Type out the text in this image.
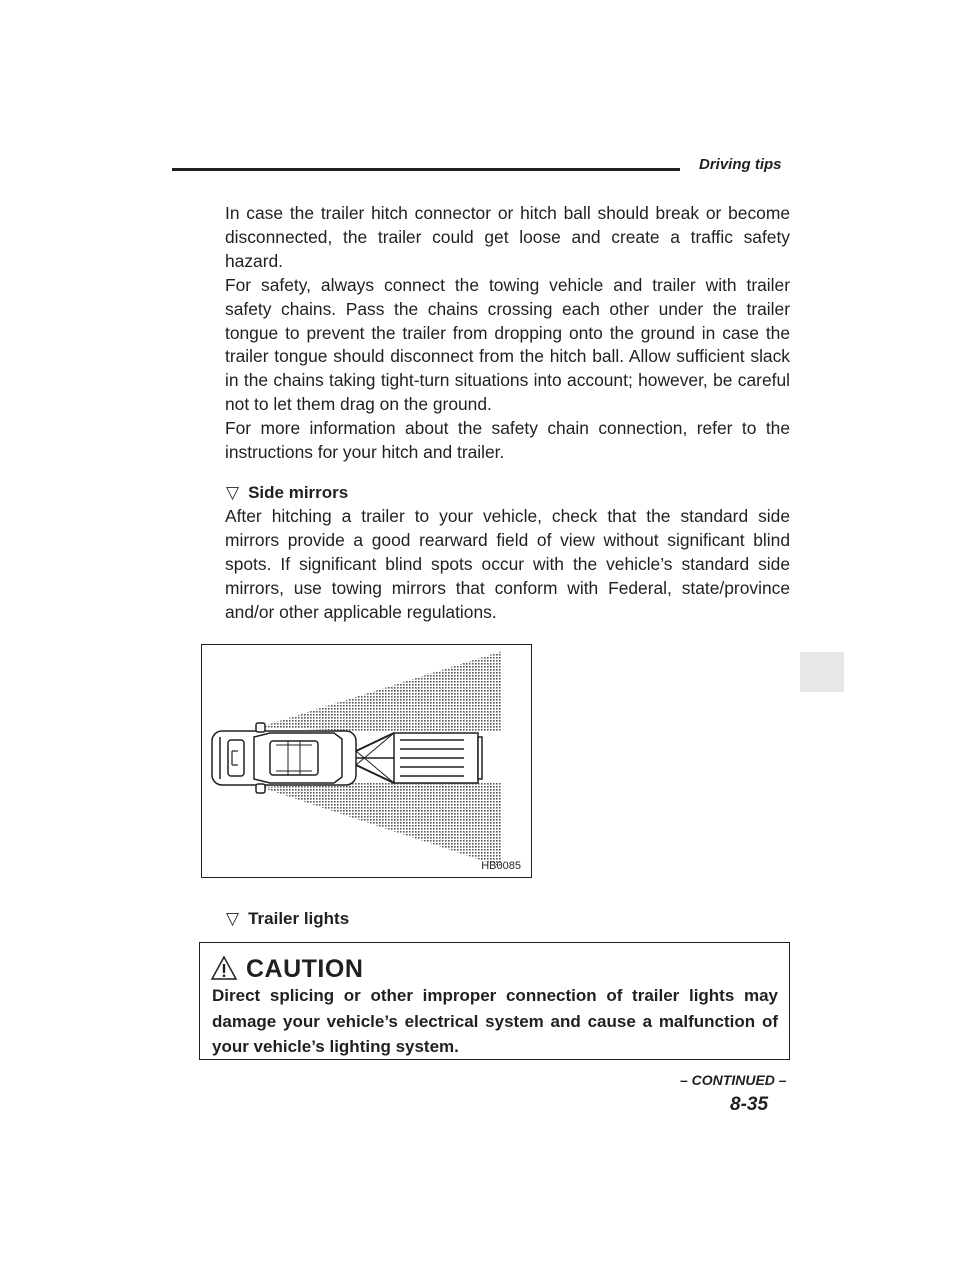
Driving tips

In case the trailer hitch connector or hitch ball should break or become disconnected, the trailer could get loose and create a traffic safety hazard.

For safety, always connect the towing vehicle and trailer with trailer safety chains. Pass the chains crossing each other under the trailer tongue to prevent the trailer from dropping onto the ground in case the trailer tongue should disconnect from the hitch ball. Allow sufficient slack in the chains taking tight-turn situations into account; however, be careful not to let them drag on the ground.

For more information about the safety chain connection, refer to the instructions for your hitch and trailer.

▽ Side mirrors

After hitching a trailer to your vehicle, check that the standard side mirrors provide a good rearward field of view without significant blind spots. If significant blind spots occur with the vehicle’s standard side mirrors, use towing mirrors that conform with Federal, state/province and/or other applicable regulations.

HB0085
▽ Trailer lights
CAUTION
Direct splicing or other improper connection of trailer lights may damage your vehicle’s electrical system and cause a malfunction of your vehicle’s lighting system.
– CONTINUED –
8-35
